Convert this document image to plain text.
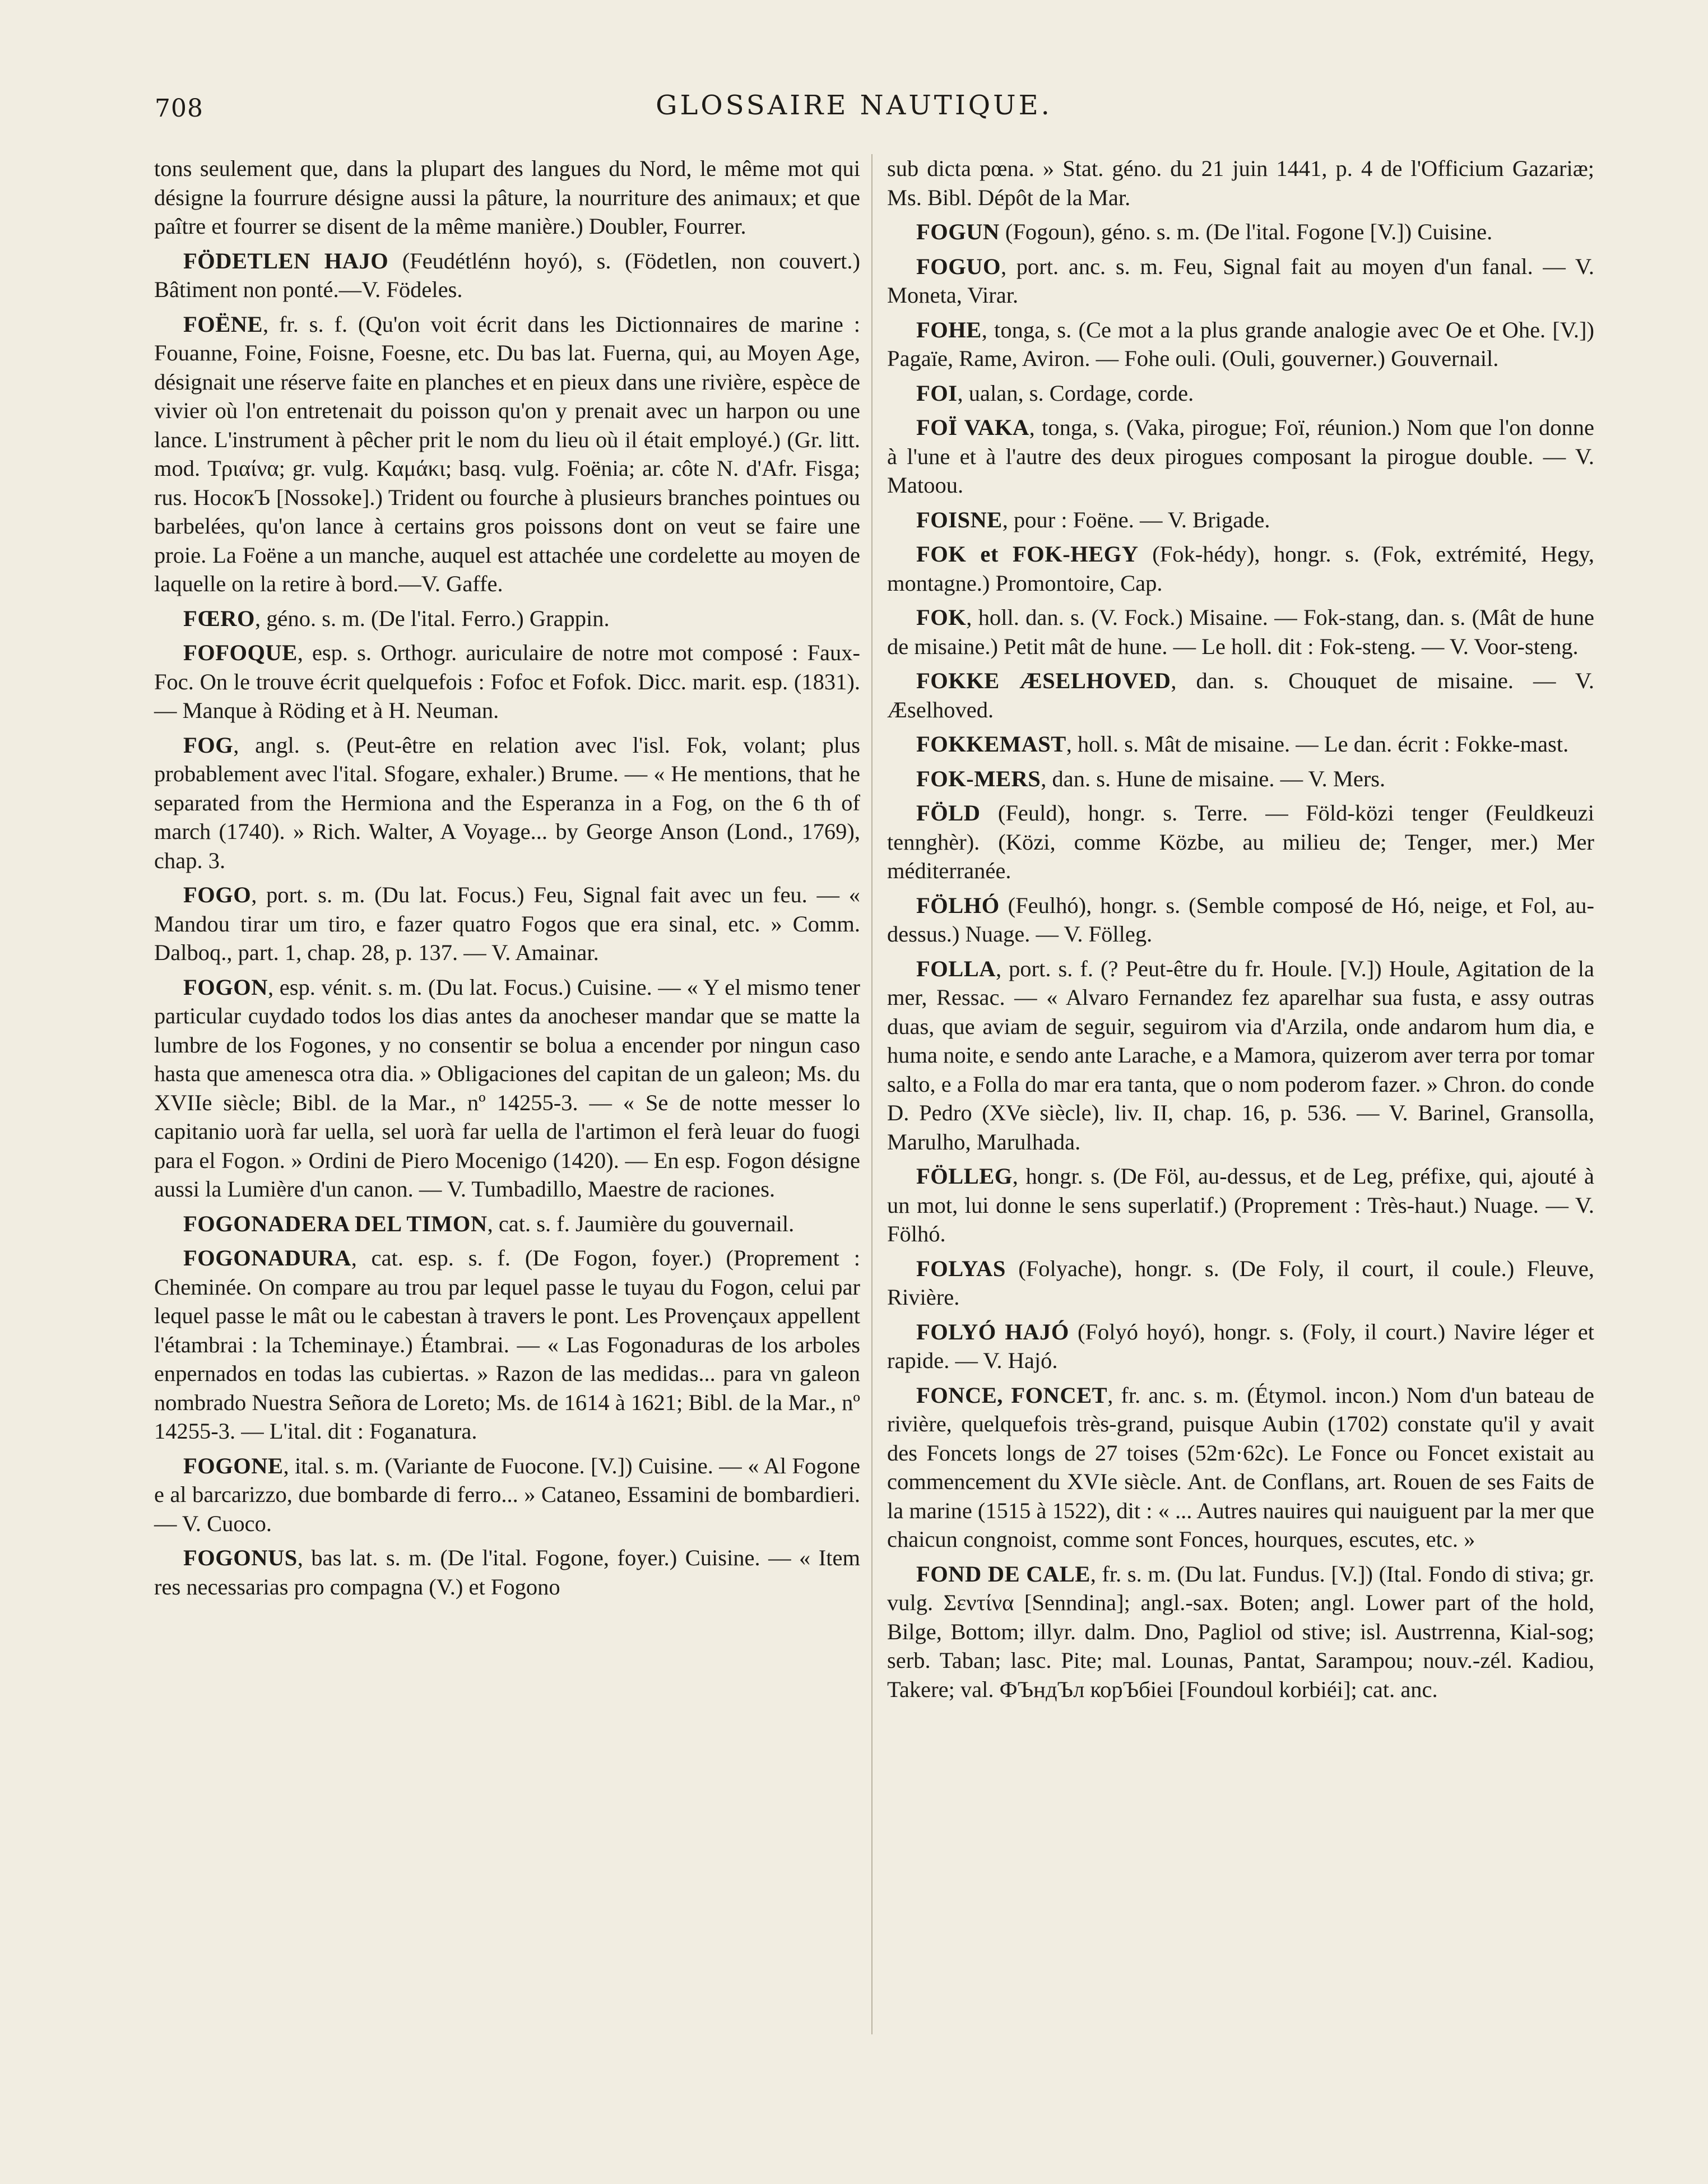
708	GLOSSAIRE NAUTIQUE.

tons seulement que, dans la plupart des langues du Nord, le même mot qui désigne la fourrure désigne aussi la pâture, la nourriture des animaux; et que paître et fourrer se disent de la même manière.) Doubler, Fourrer.

FÖDETLEN HAJO (Feudétlénn hoyó), s. (Födetlen, non couvert.) Bâtiment non ponté.—V. Födeles.

FOËNE, fr. s. f. (Qu'on voit écrit dans les Dictionnaires de marine : Fouanne, Foine, Foisne, Foesne, etc. Du bas lat. Fuerna, qui, au Moyen Age, désignait une réserve faite en planches et en pieux dans une rivière, espèce de vivier où l'on entretenait du poisson qu'on y prenait avec un harpon ou une lance. L'instrument à pêcher prit le nom du lieu où il était employé.) (Gr. litt. mod. Τριαίνα; gr. vulg. Καμάκι; basq. vulg. Foënia; ar. côte N. d'Afr. Fisga; rus. НосокЪ [Nossoke].) Trident ou fourche à plusieurs branches pointues ou barbelées, qu'on lance à certains gros poissons dont on veut se faire une proie. La Foëne a un manche, auquel est attachée une cordelette au moyen de laquelle on la retire à bord.—V. Gaffe.

FŒRO, géno. s. m. (De l'ital. Ferro.) Grappin.

FOFOQUE, esp. s. Orthogr. auriculaire de notre mot composé : Faux-Foc. On le trouve écrit quelquefois : Fofoc et Fofok. Dicc. marit. esp. (1831). — Manque à Röding et à H. Neuman.

FOG, angl. s. (Peut-être en relation avec l'isl. Fok, volant; plus probablement avec l'ital. Sfogare, exhaler.) Brume. — « He mentions, that he separated from the Hermiona and the Esperanza in a Fog, on the 6 th of march (1740). » Rich. Walter, A Voyage... by George Anson (Lond., 1769), chap. 3.

FOGO, port. s. m. (Du lat. Focus.) Feu, Signal fait avec un feu. — « Mandou tirar um tiro, e fazer quatro Fogos que era sinal, etc. » Comm. Dalboq., part. 1, chap. 28, p. 137. — V. Amainar.

FOGON, esp. vénit. s. m. (Du lat. Focus.) Cuisine. — « Y el mismo tener particular cuydado todos los dias antes da anocheser mandar que se matte la lumbre de los Fogones, y no consentir se bolua a encender por ningun caso hasta que amenesca otra dia. » Obligaciones del capitan de un galeon; Ms. du XVIIe siècle; Bibl. de la Mar., nº 14255-3. — « Se de notte messer lo capitanio uorà far uella, sel uorà far uella de l'artimon el ferà leuar do fuogi para el Fogon. » Ordini de Piero Mocenigo (1420). — En esp. Fogon désigne aussi la Lumière d'un canon. — V. Tumbadillo, Maestre de raciones.

FOGONADERA DEL TIMON, cat. s. f. Jaumière du gouvernail.

FOGONADURA, cat. esp. s. f. (De Fogon, foyer.) (Proprement : Cheminée. On compare au trou par lequel passe le tuyau du Fogon, celui par lequel passe le mât ou le cabestan à travers le pont. Les Provençaux appellent l'étambrai : la Tcheminaye.) Étambrai. — « Las Fogonaduras de los arboles enpernados en todas las cubiertas. » Razon de las medidas... para vn galeon nombrado Nuestra Señora de Loreto; Ms. de 1614 à 1621; Bibl. de la Mar., nº 14255-3. — L'ital. dit : Foganatura.

FOGONE, ital. s. m. (Variante de Fuocone. [V.]) Cuisine. — « Al Fogone e al barcarizzo, due bombarde di ferro... » Cataneo, Essamini de bombardieri. — V. Cuoco.

FOGONUS, bas lat. s. m. (De l'ital. Fogone, foyer.) Cuisine. — « Item res necessarias pro compagna (V.) et Fogono

sub dicta pœna. » Stat. géno. du 21 juin 1441, p. 4 de l'Officium Gazariæ; Ms. Bibl. Dépôt de la Mar.

FOGUN (Fogoun), géno. s. m. (De l'ital. Fogone [V.]) Cuisine.

FOGUO, port. anc. s. m. Feu, Signal fait au moyen d'un fanal. — V. Moneta, Virar.

FOHE, tonga, s. (Ce mot a la plus grande analogie avec Oe et Ohe. [V.]) Pagaïe, Rame, Aviron. — Fohe ouli. (Ouli, gouverner.) Gouvernail.

FOI, ualan, s. Cordage, corde.

FOÏ VAKA, tonga, s. (Vaka, pirogue; Foï, réunion.) Nom que l'on donne à l'une et à l'autre des deux pirogues composant la pirogue double. — V. Matoou.

FOISNE, pour : Foëne. — V. Brigade.

FOK et FOK-HEGY (Fok-hédy), hongr. s. (Fok, extrémité, Hegy, montagne.) Promontoire, Cap.

FOK, holl. dan. s. (V. Fock.) Misaine. — Fok-stang, dan. s. (Mât de hune de misaine.) Petit mât de hune. — Le holl. dit : Fok-steng. — V. Voor-steng.

FOKKE ÆSELHOVED, dan. s. Chouquet de misaine. — V. Æselhoved.

FOKKEMAST, holl. s. Mât de misaine. — Le dan. écrit : Fokke-mast.

FOK-MERS, dan. s. Hune de misaine. — V. Mers.

FÖLD (Feuld), hongr. s. Terre. — Föld-közi tenger (Feuldkeuzi tennghèr). (Közi, comme Közbe, au milieu de; Tenger, mer.) Mer méditerranée.

FÖLHÓ (Feulhó), hongr. s. (Semble composé de Hó, neige, et Fol, au-dessus.) Nuage. — V. Fölleg.

FOLLA, port. s. f. (? Peut-être du fr. Houle. [V.]) Houle, Agitation de la mer, Ressac. — « Alvaro Fernandez fez aparelhar sua fusta, e assy outras duas, que aviam de seguir, seguirom via d'Arzila, onde andarom hum dia, e huma noite, e sendo ante Larache, e a Mamora, quizerom aver terra por tomar salto, e a Folla do mar era tanta, que o nom poderom fazer. » Chron. do conde D. Pedro (XVe siècle), liv. II, chap. 16, p. 536. — V. Barinel, Gransolla, Marulho, Marulhada.

FÖLLEG, hongr. s. (De Föl, au-dessus, et de Leg, préfixe, qui, ajouté à un mot, lui donne le sens superlatif.) (Proprement : Très-haut.) Nuage. — V. Fölhó.

FOLYAS (Folyache), hongr. s. (De Foly, il court, il coule.) Fleuve, Rivière.

FOLYÓ HAJÓ (Folyó hoyó), hongr. s. (Foly, il court.) Navire léger et rapide. — V. Hajó.

FONCE, FONCET, fr. anc. s. m. (Étymol. incon.) Nom d'un bateau de rivière, quelquefois très-grand, puisque Aubin (1702) constate qu'il y avait des Foncets longs de 27 toises (52m·62c). Le Fonce ou Foncet existait au commencement du XVIe siècle. Ant. de Conflans, art. Rouen de ses Faits de la marine (1515 à 1522), dit : « ... Autres nauires qui nauiguent par la mer que chaicun congnoist, comme sont Fonces, hourques, escutes, etc. »

FOND DE CALE, fr. s. m. (Du lat. Fundus. [V.]) (Ital. Fondo di stiva; gr. vulg. Σεντίνα [Senndina]; angl.-sax. Boten; angl. Lower part of the hold, Bilge, Bottom; illyr. dalm. Dno, Pagliol od stive; isl. Austrrenna, Kial-sog; serb. Taban; lasc. Pite; mal. Lounas, Pantat, Sarampou; nouv.-zél. Kadiou, Takere; val. ФЪндЪл корЪбіеі [Foundoul korbiéi]; cat. anc.
